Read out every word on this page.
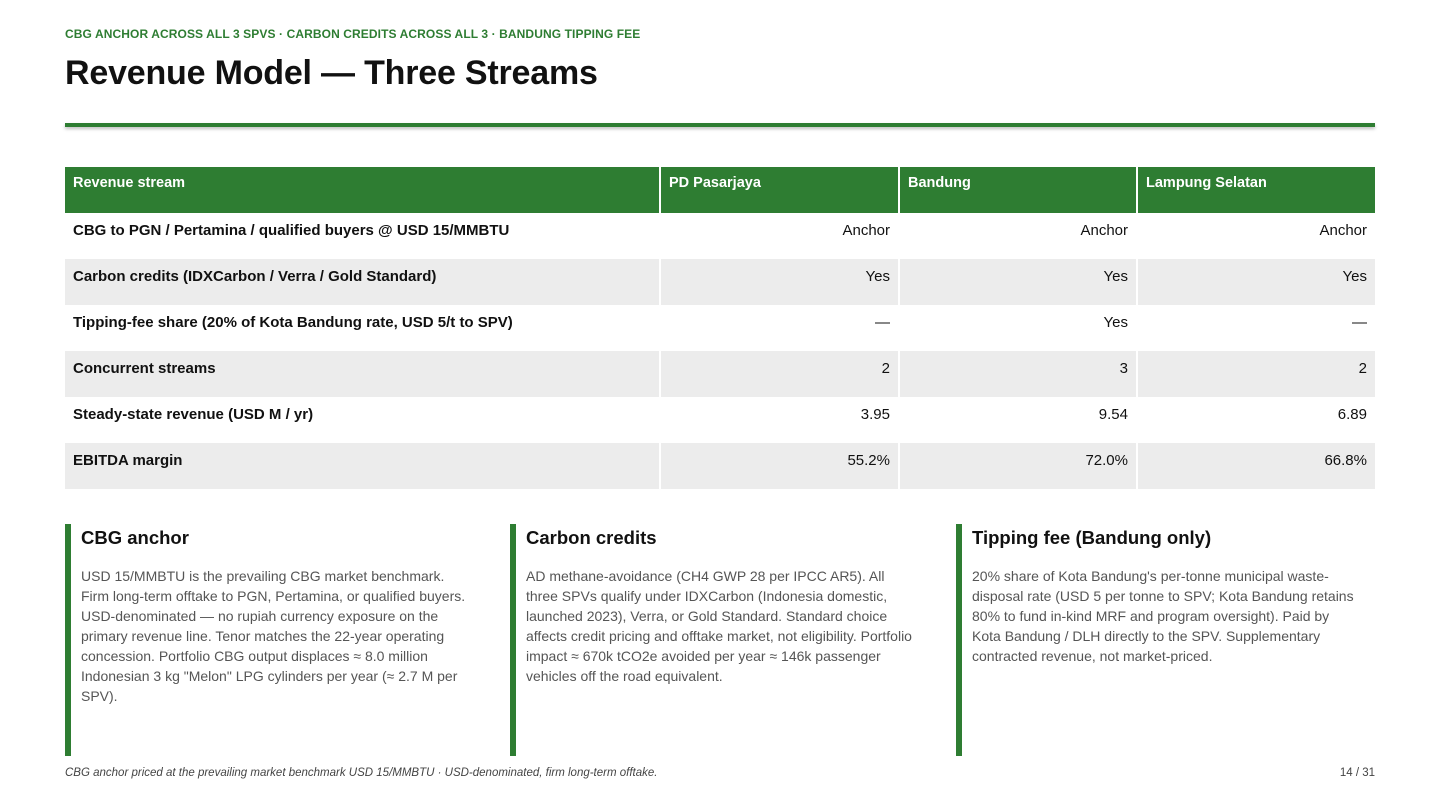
CBG ANCHOR ACROSS ALL 3 SPVS · CARBON CREDITS ACROSS ALL 3 · BANDUNG TIPPING FEE
Revenue Model — Three Streams
Revenue stream	PD Pasarjaya	Bandung	Lampung Selatan
CBG to PGN / Pertamina / qualified buyers @ USD 15/MMBTU	Anchor	Anchor	Anchor
Carbon credits (IDXCarbon / Verra / Gold Standard)	Yes	Yes	Yes
Tipping-fee share (20% of Kota Bandung rate, USD 5/t to SPV)	—	Yes	—
Concurrent streams	2	3	2
Steady-state revenue (USD M / yr)	3.95	9.54	6.89
EBITDA margin	55.2%	72.0%	66.8%
CBG anchor
USD 15/MMBTU is the prevailing CBG market benchmark. Firm long-term offtake to PGN, Pertamina, or qualified buyers. USD-denominated — no rupiah currency exposure on the primary revenue line. Tenor matches the 22-year operating concession. Portfolio CBG output displaces ≈ 8.0 million Indonesian 3 kg "Melon" LPG cylinders per year (≈ 2.7 M per SPV).
Carbon credits
AD methane-avoidance (CH4 GWP 28 per IPCC AR5). All three SPVs qualify under IDXCarbon (Indonesia domestic, launched 2023), Verra, or Gold Standard. Standard choice affects credit pricing and offtake market, not eligibility. Portfolio impact ≈ 670k tCO2e avoided per year ≈ 146k passenger vehicles off the road equivalent.
Tipping fee (Bandung only)
20% share of Kota Bandung's per-tonne municipal waste-disposal rate (USD 5 per tonne to SPV; Kota Bandung retains 80% to fund in-kind MRF and program oversight). Paid by Kota Bandung / DLH directly to the SPV. Supplementary contracted revenue, not market-priced.
CBG anchor priced at the prevailing market benchmark USD 15/MMBTU · USD-denominated, firm long-term offtake.	14 / 31
